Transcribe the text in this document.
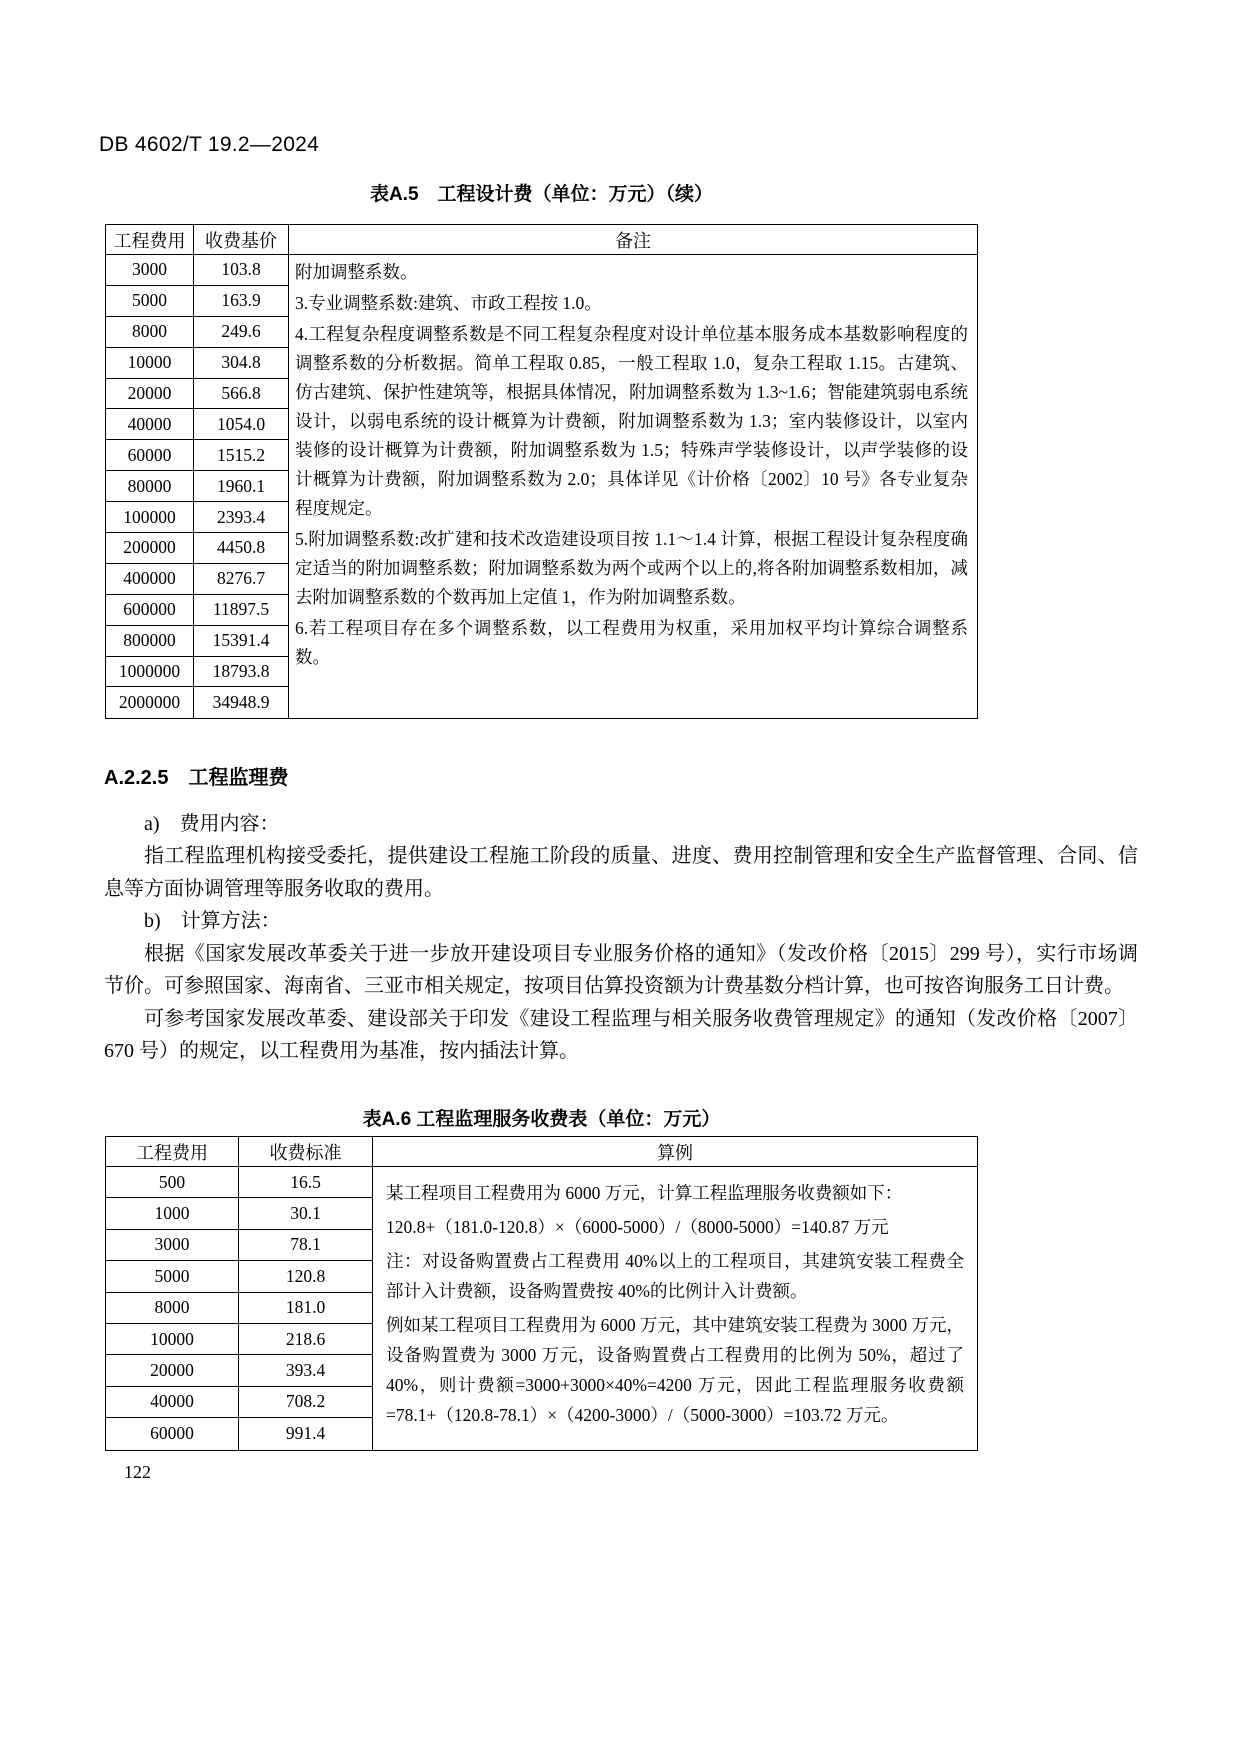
DB 4602/T 19.2—2024
表A.5　工程设计费（单位：万元）（续）
工程费用	收费基价	备注
3000	103.8
5000	163.9
8000	249.6
10000	304.8
20000	566.8
40000	1054.0
60000	1515.2
80000	1960.1
100000	2393.4
200000	4450.8
400000	8276.7
600000	11897.5
800000	15391.4
1000000	18793.8
2000000	34948.9

附加调整系数。

3.专业调整系数:建筑、市政工程按 1.0。

4.工程复杂程度调整系数是不同工程复杂程度对设计单位基本服务成本基数影响程度的调整系数的分析数据。简单工程取 0.85，一般工程取 1.0，复杂工程取 1.15。古建筑、仿古建筑、保护性建筑等，根据具体情况，附加调整系数为 1.3~1.6；智能建筑弱电系统设计，以弱电系统的设计概算为计费额，附加调整系数为 1.3；室内装修设计，以室内装修的设计概算为计费额，附加调整系数为 1.5；特殊声学装修设计，以声学装修的设计概算为计费额，附加调整系数为 2.0；具体详见《计价格〔2002〕10 号》各专业复杂程度规定。

5.附加调整系数:改扩建和技术改造建设项目按 1.1～1.4 计算，根据工程设计复杂程度确定适当的附加调整系数；附加调整系数为两个或两个以上的,将各附加调整系数相加，减去附加调整系数的个数再加上定值 1，作为附加调整系数。

6.若工程项目存在多个调整系数，以工程费用为权重，采用加权平均计算综合调整系数。

A.2.2.5　工程监理费

a)　费用内容：

指工程监理机构接受委托，提供建设工程施工阶段的质量、进度、费用控制管理和安全生产监督管理、合同、信息等方面协调管理等服务收取的费用。

b)　计算方法：

根据《国家发展改革委关于进一步放开建设项目专业服务价格的通知》（发改价格〔2015〕299 号），实行市场调节价。可参照国家、海南省、三亚市相关规定，按项目估算投资额为计费基数分档计算，也可按咨询服务工日计费。

可参考国家发展改革委、建设部关于印发《建设工程监理与相关服务收费管理规定》的通知（发改价格〔2007〕670 号）的规定，以工程费用为基准，按内插法计算。

表A.6 工程监理服务收费表（单位：万元）
工程费用	收费标准	算例
500	16.5
1000	30.1
3000	78.1
5000	120.8
8000	181.0
10000	218.6
20000	393.4
40000	708.2
60000	991.4

某工程项目工程费用为 6000 万元，计算工程监理服务收费额如下：

120.8+（181.0-120.8）×（6000-5000）/（8000-5000）=140.87 万元

注：对设备购置费占工程费用 40%以上的工程项目，其建筑安装工程费全部计入计费额，设备购置费按 40%的比例计入计费额。

例如某工程项目工程费用为 6000 万元，其中建筑安装工程费为 3000 万元，设备购置费为 3000 万元，设备购置费占工程费用的比例为 50%，超过了 40%，则计费额=3000+3000×40%=4200 万元，因此工程监理服务收费额=78.1+（120.8-78.1）×（4200-3000）/（5000-3000）=103.72 万元。

122
